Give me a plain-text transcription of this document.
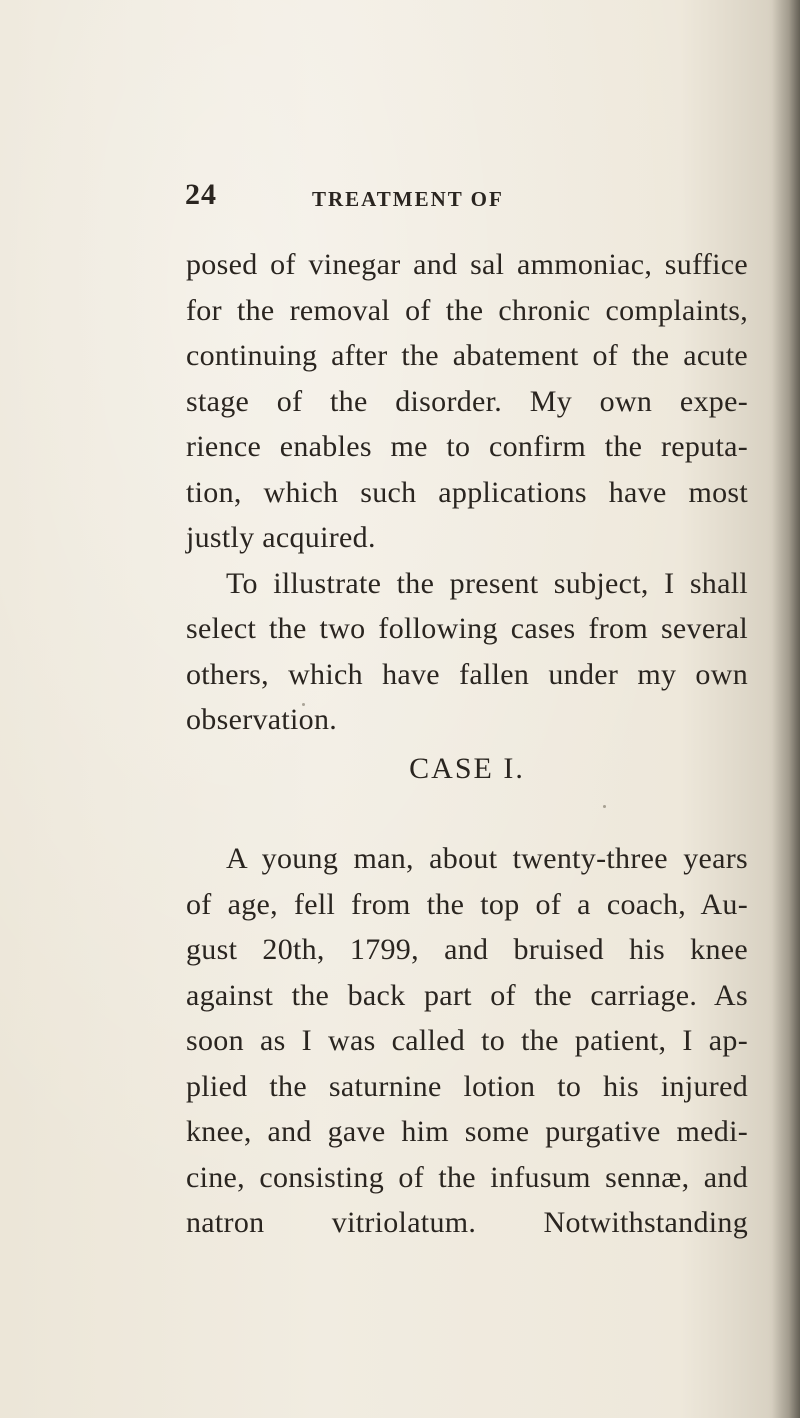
24	TREATMENT OF
posed of vinegar and sal ammoniac, suffice
for the removal of the chronic complaints,
continuing after the abatement of the acute
stage of the disorder. My own expe-
rience enables me to confirm the reputa-
tion, which such applications have most
justly acquired.
To illustrate the present subject, I shall
select the two following cases from several
others, which have fallen under my own
observation.
CASE I.
A young man, about twenty-three years
of age, fell from the top of a coach, Au-
gust 20th, 1799, and bruised his knee
against the back part of the carriage. As
soon as I was called to the patient, I ap-
plied the saturnine lotion to his injured
knee, and gave him some purgative medi-
cine, consisting of the infusum sennæ, and
natron vitriolatum. Notwithstanding
